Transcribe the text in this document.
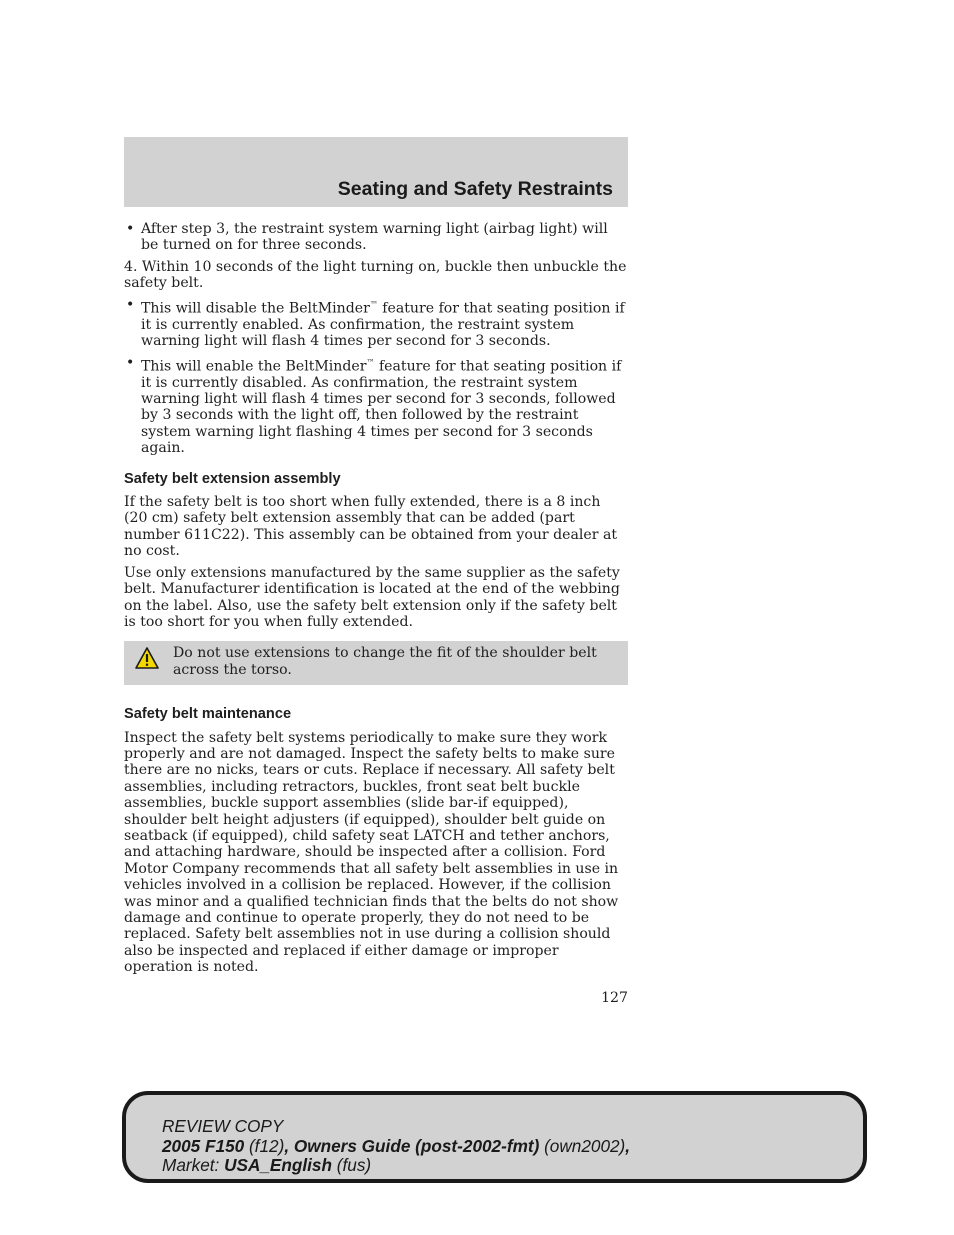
Seating and Safety Restraints
• After step 3, the restraint system warning light (airbag light) will be turned on for three seconds.

4. Within 10 seconds of the light turning on, buckle then unbuckle the safety belt.

• This will disable the BeltMinder™ feature for that seating position if it is currently enabled. As confirmation, the restraint system warning light will flash 4 times per second for 3 seconds.
• This will enable the BeltMinder™ feature for that seating position if it is currently disabled. As confirmation, the restraint system warning light will flash 4 times per second for 3 seconds, followed by 3 seconds with the light off, then followed by the restraint system warning light flashing 4 times per second for 3 seconds again.
Safety belt extension assembly

If the safety belt is too short when fully extended, there is a 8 inch (20 cm) safety belt extension assembly that can be added (part number 611C22). This assembly can be obtained from your dealer at no cost.

Use only extensions manufactured by the same supplier as the safety belt. Manufacturer identification is located at the end of the webbing on the label. Also, use the safety belt extension only if the safety belt is too short for you when fully extended.

Do not use extensions to change the fit of the shoulder belt across the torso.
Safety belt maintenance

Inspect the safety belt systems periodically to make sure they work properly and are not damaged. Inspect the safety belts to make sure there are no nicks, tears or cuts. Replace if necessary. All safety belt assemblies, including retractors, buckles, front seat belt buckle assemblies, buckle support assemblies (slide bar-if equipped), shoulder belt height adjusters (if equipped), shoulder belt guide on seatback (if equipped), child safety seat LATCH and tether anchors, and attaching hardware, should be inspected after a collision. Ford Motor Company recommends that all safety belt assemblies in use in vehicles involved in a collision be replaced. However, if the collision was minor and a qualified technician finds that the belts do not show damage and continue to operate properly, they do not need to be replaced. Safety belt assemblies not in use during a collision should also be inspected and replaced if either damage or improper operation is noted.

127
REVIEW COPY
2005 F150 (f12), Owners Guide (post-2002-fmt) (own2002),
Market: USA_English (fus)
